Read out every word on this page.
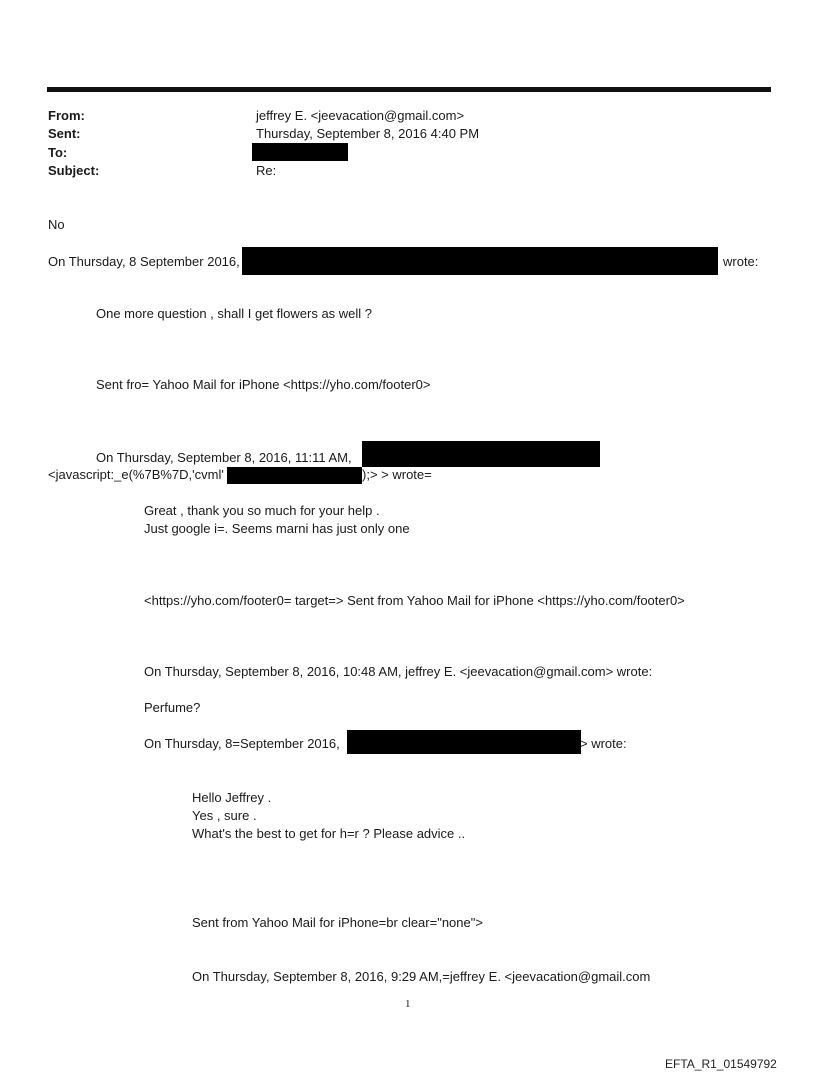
From:	jeffrey E. <jeevacation@gmail.com>
Sent:	Thursday, September 8, 2016 4:40 PM
To:
Subject:	Re:
No
On Thursday, 8 September 2016,	wrote:
One more question , shall I get flowers as well ?
Sent fro= Yahoo Mail for iPhone <https://yho.com/footer0>
On Thursday, September 8, 2016, 11:11 AM,
<javascript:_e(%7B%7D,'cvml'	);> > wrote=
Great , thank you so much for your help .
Just google i=. Seems marni has just only one
<https://yho.com/footer0= target=> Sent from Yahoo Mail for iPhone <https://yho.com/footer0>
On Thursday, September 8, 2016, 10:48 AM, jeffrey E. <jeevacation@gmail.com> wrote:
Perfume?
On Thursday, 8=September 2016,	> wrote:
Hello Jeffrey .
Yes , sure .
What's the best to get for h=r ? Please advice ..
Sent from Yahoo Mail for iPhone=br clear="none">
On Thursday, September 8, 2016, 9:29 AM,=jeffrey E. <jeevacation@gmail.com
1
EFTA_R1_01549792
